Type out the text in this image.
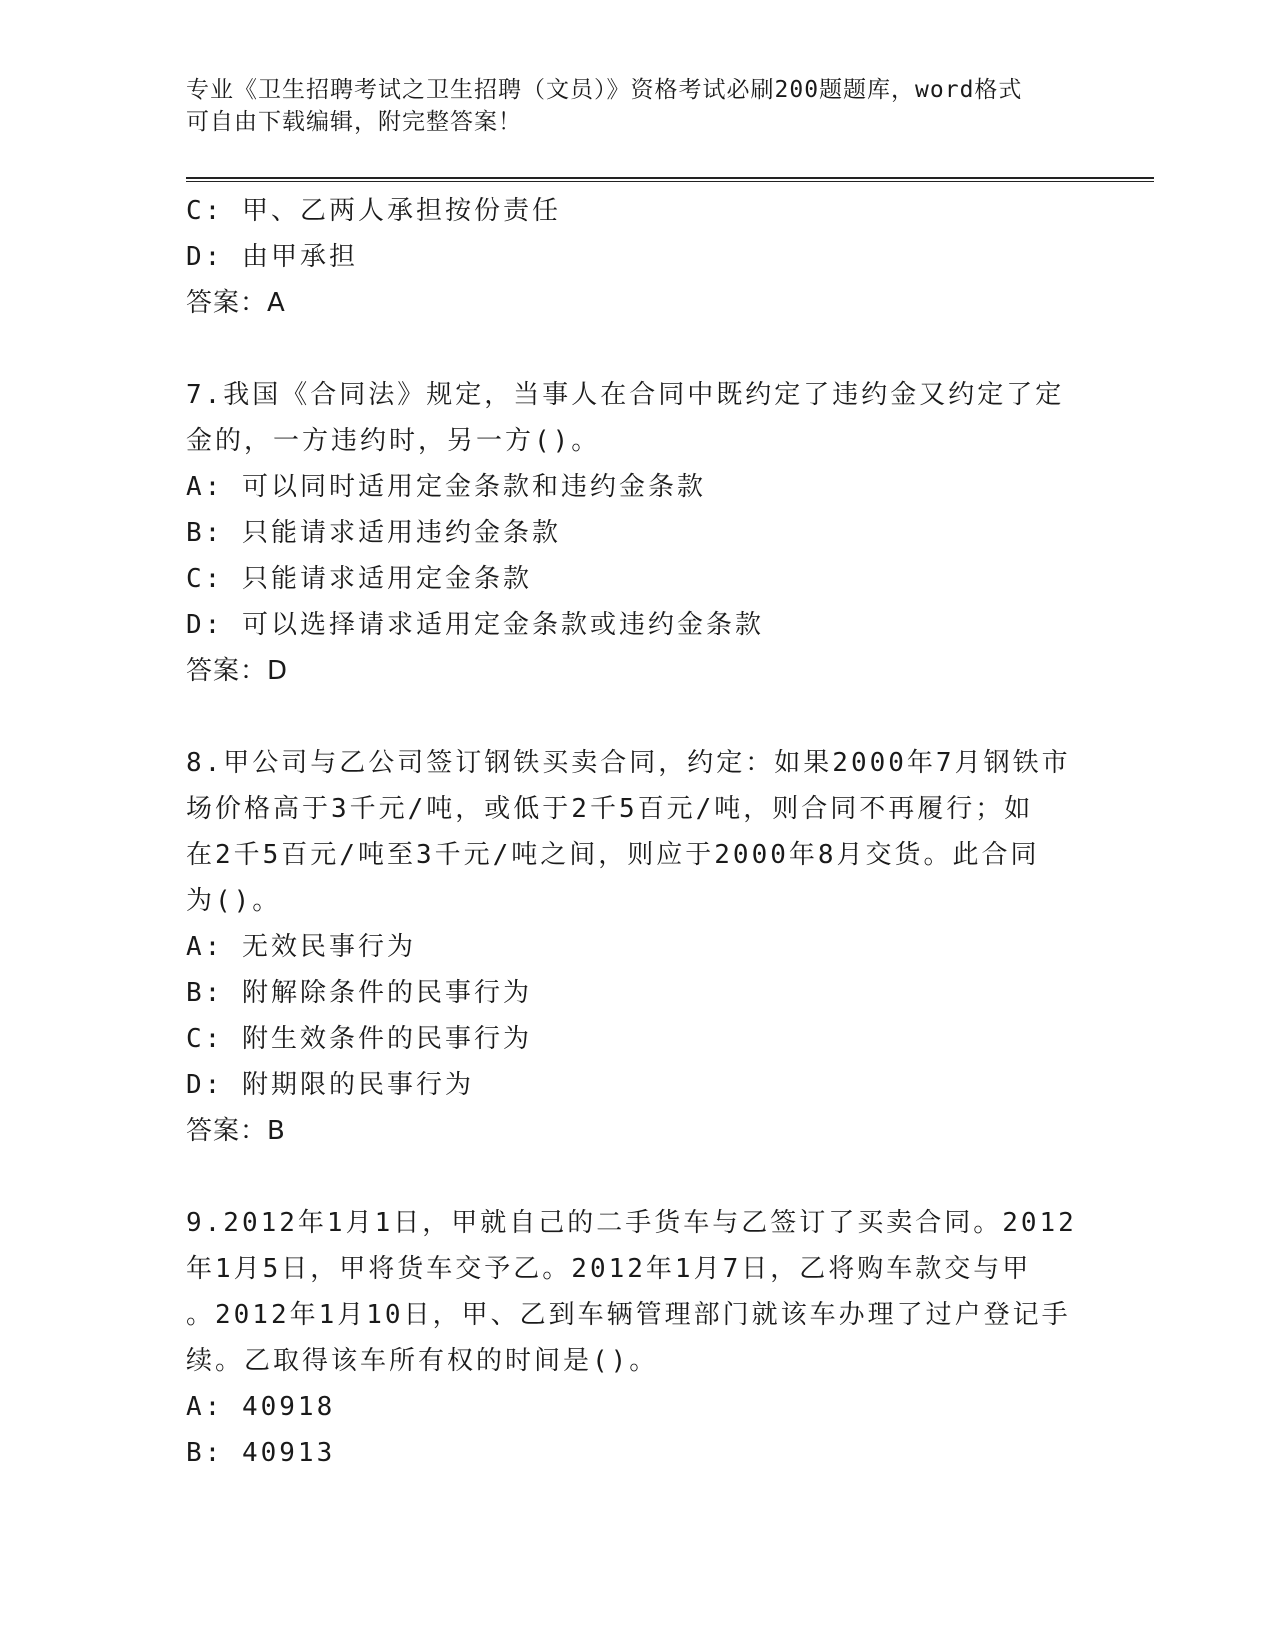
专业《卫生招聘考试之卫生招聘（文员）》资格考试必刷200题题库，word格式
可自由下载编辑，附完整答案！
C: 甲、乙两人承担按份责任
D: 由甲承担
答案：A
7.我国《合同法》规定，当事人在合同中既约定了违约金又约定了定
金的，一方违约时，另一方()。
A: 可以同时适用定金条款和违约金条款
B: 只能请求适用违约金条款
C: 只能请求适用定金条款
D: 可以选择请求适用定金条款或违约金条款
答案：D
8.甲公司与乙公司签订钢铁买卖合同，约定：如果2000年7月钢铁市
场价格高于3千元/吨，或低于2千5百元/吨，则合同不再履行；如
在2千5百元/吨至3千元/吨之间，则应于2000年8月交货。此合同
为()。
A: 无效民事行为
B: 附解除条件的民事行为
C: 附生效条件的民事行为
D: 附期限的民事行为
答案：B
9.2012年1月1日，甲就自己的二手货车与乙签订了买卖合同。2012
年1月5日，甲将货车交予乙。2012年1月7日，乙将购车款交与甲
。2012年1月10日，甲、乙到车辆管理部门就该车办理了过户登记手
续。乙取得该车所有权的时间是()。
A: 40918
B: 40913
